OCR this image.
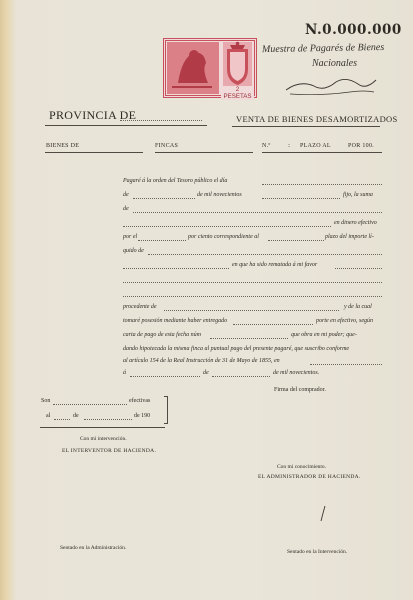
N.0.000.000
2 PESETAS
Muestra de Pagarés de Bienes
Nacionales
PROVINCIA DE	VENTA DE BIENES DESAMORTIZADOS
BIENES DE	FINCAS	N.º	PLAZO AL	POR 100.
:
Pagaré á la orden del Tesoro público el día
de	de mil novecientos	fijo, la suma
de
en dinero efectivo
por el	por ciento correspondiente al	plazo del importe lí-
quido de
en que ha sido rematada á mi favor
procedente de	y de la cual
tomaré posesión mediante haber entregado	porte en efectivo, según
carta de pago de esta fecha núm	que obra en mi poder; que-
dando hipotecada la misma finca al puntual pago del presente pagaré, que suscribo conforme
al artículo 154 de la Real Instrucción de 31 de Mayo de 1855, en
á	de	de mil novecientos.
Firma del comprador.
Son	efectivas
al	de	de 190
Con mi intervención.
EL INTERVENTOR DE HACIENDA.
Con mi conocimiento.
EL ADMINISTRADOR DE HACIENDA.
Sentado en la Administración.
Sentado en la Intervención.
